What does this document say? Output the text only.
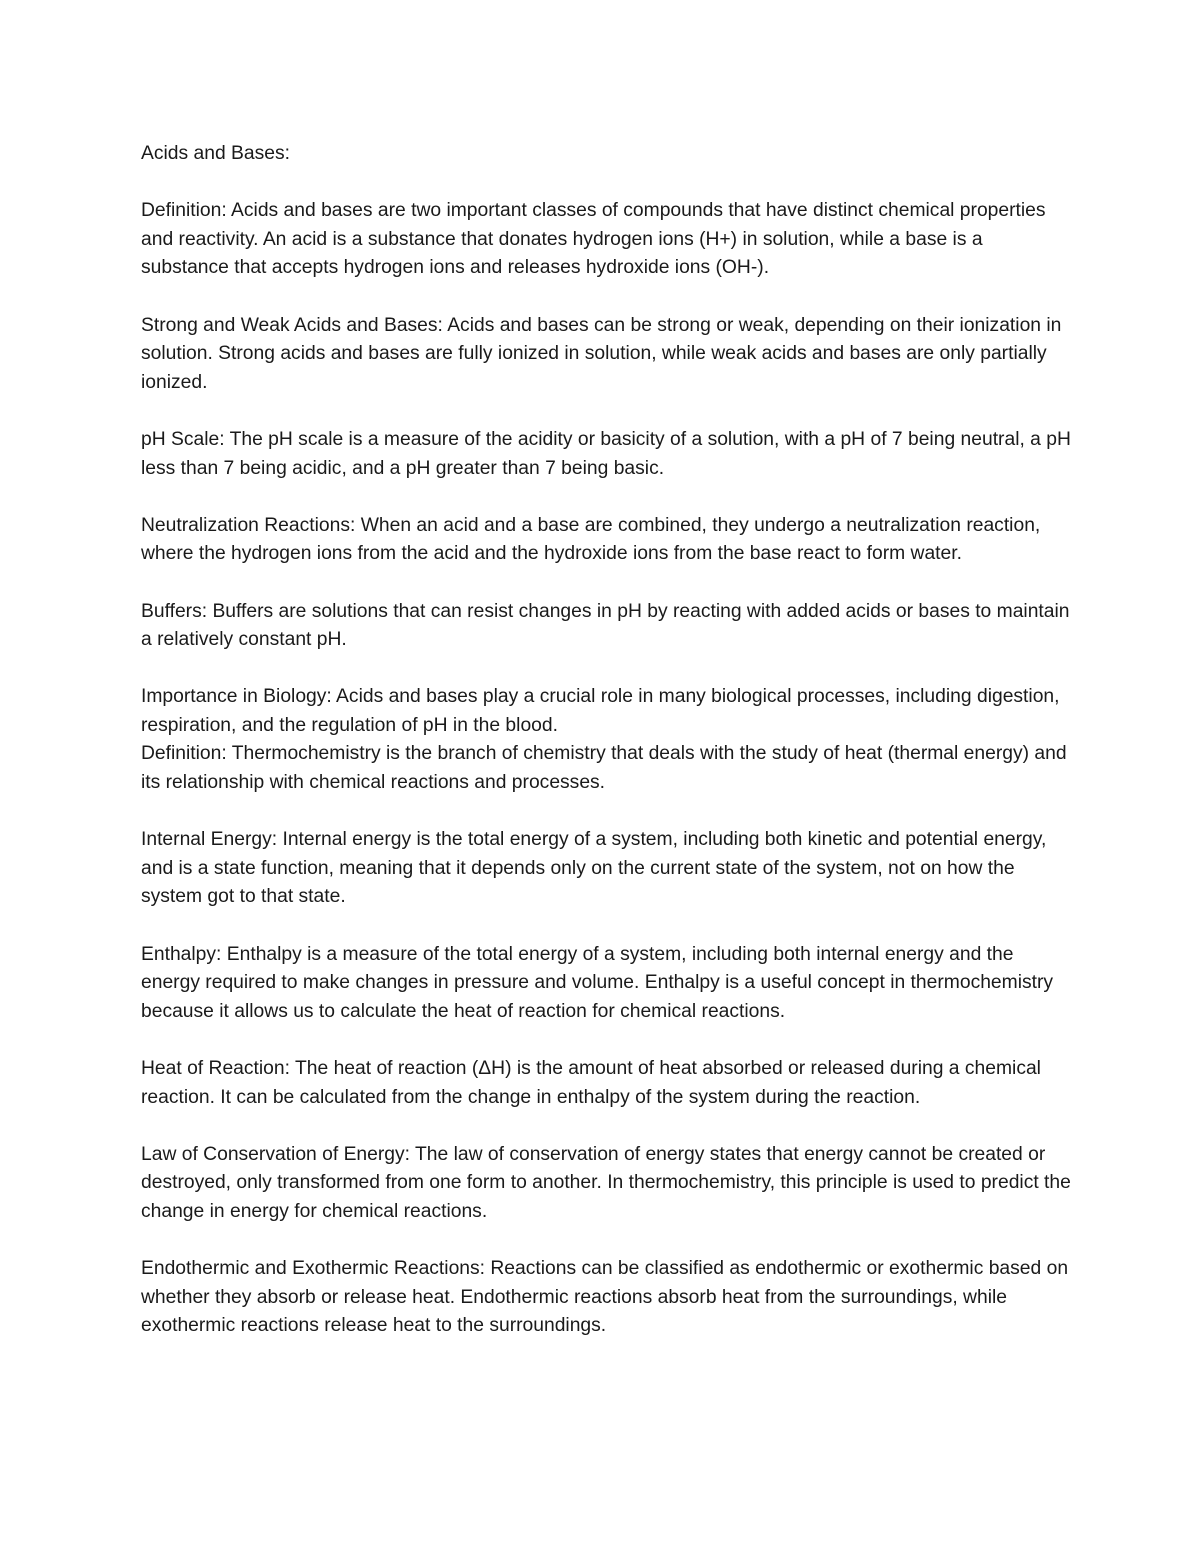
Acids and Bases:

Definition: Acids and bases are two important classes of compounds that have distinct chemical properties and reactivity. An acid is a substance that donates hydrogen ions (H+) in solution, while a base is a substance that accepts hydrogen ions and releases hydroxide ions (OH-).

Strong and Weak Acids and Bases: Acids and bases can be strong or weak, depending on their ionization in solution. Strong acids and bases are fully ionized in solution, while weak acids and bases are only partially ionized.

pH Scale: The pH scale is a measure of the acidity or basicity of a solution, with a pH of 7 being neutral, a pH less than 7 being acidic, and a pH greater than 7 being basic.

Neutralization Reactions: When an acid and a base are combined, they undergo a neutralization reaction, where the hydrogen ions from the acid and the hydroxide ions from the base react to form water.

Buffers: Buffers are solutions that can resist changes in pH by reacting with added acids or bases to maintain a relatively constant pH.

Importance in Biology: Acids and bases play a crucial role in many biological processes, including digestion, respiration, and the regulation of pH in the blood.

Definition: Thermochemistry is the branch of chemistry that deals with the study of heat (thermal energy) and its relationship with chemical reactions and processes.

Internal Energy: Internal energy is the total energy of a system, including both kinetic and potential energy, and is a state function, meaning that it depends only on the current state of the system, not on how the system got to that state.

Enthalpy: Enthalpy is a measure of the total energy of a system, including both internal energy and the energy required to make changes in pressure and volume. Enthalpy is a useful concept in thermochemistry because it allows us to calculate the heat of reaction for chemical reactions.

Heat of Reaction: The heat of reaction (ΔH) is the amount of heat absorbed or released during a chemical reaction. It can be calculated from the change in enthalpy of the system during the reaction.

Law of Conservation of Energy: The law of conservation of energy states that energy cannot be created or destroyed, only transformed from one form to another. In thermochemistry, this principle is used to predict the change in energy for chemical reactions.

Endothermic and Exothermic Reactions: Reactions can be classified as endothermic or exothermic based on whether they absorb or release heat. Endothermic reactions absorb heat from the surroundings, while exothermic reactions release heat to the surroundings.
